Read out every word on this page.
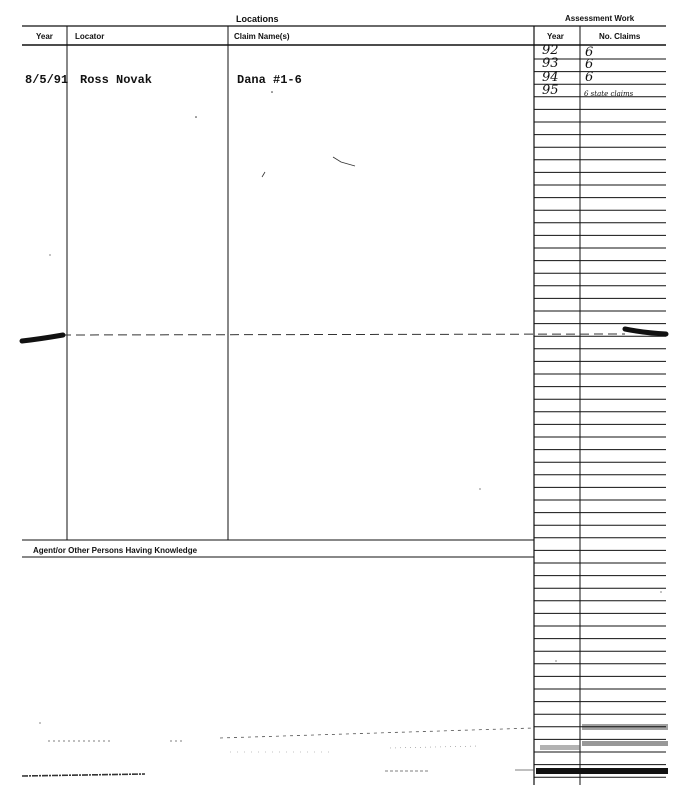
Locations	Assessment Work
Year	Locator	Claim Name(s)	Year	No. Claims
8/5/91 Ross Novak	Dana #1-6
92 6
93 6
94 6
95	6 state claims
Agent/or Other Persons Having Knowledge
